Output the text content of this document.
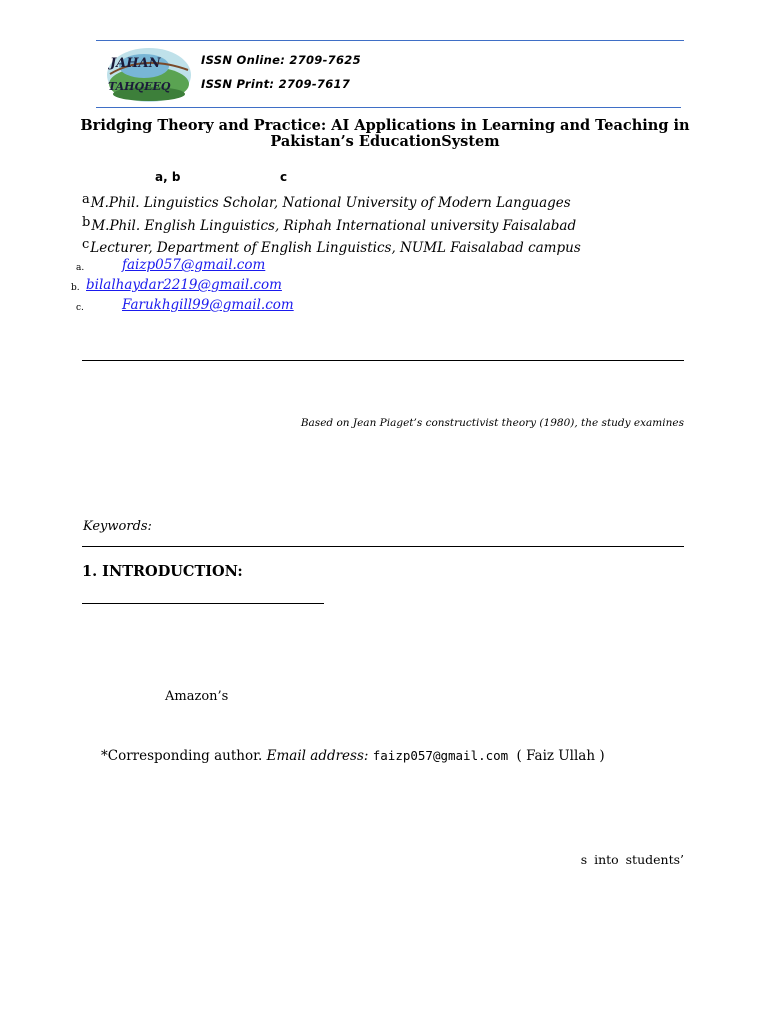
JAHAN
TAHQEEQ
ISSN Online: 2709-7625
ISSN Print: 2709-7617
Bridging Theory and Practice: AI Applications in Learning and Teaching in
Pakistan’s EducationSystem
a, b	c
$^a$M.Phil. Linguistics Scholar, National University of Modern Languages
$^b$M.Phil. English Linguistics, Riphah International university Faisalabad
$^c$Lecturer, Department of English Linguistics, NUML Faisalabad campus
a.	faizp057@gmail.com
b. bilalhaydar2219@gmail.com
c.	Farukhgill99@gmail.com
Based on Jean Piaget’s constructivist theory (1980), the study examines
Keywords:
1. INTRODUCTION:
Amazon’s
*Corresponding author. Email address: faizp057@gmail.com ( Faiz Ullah )
s into students’
